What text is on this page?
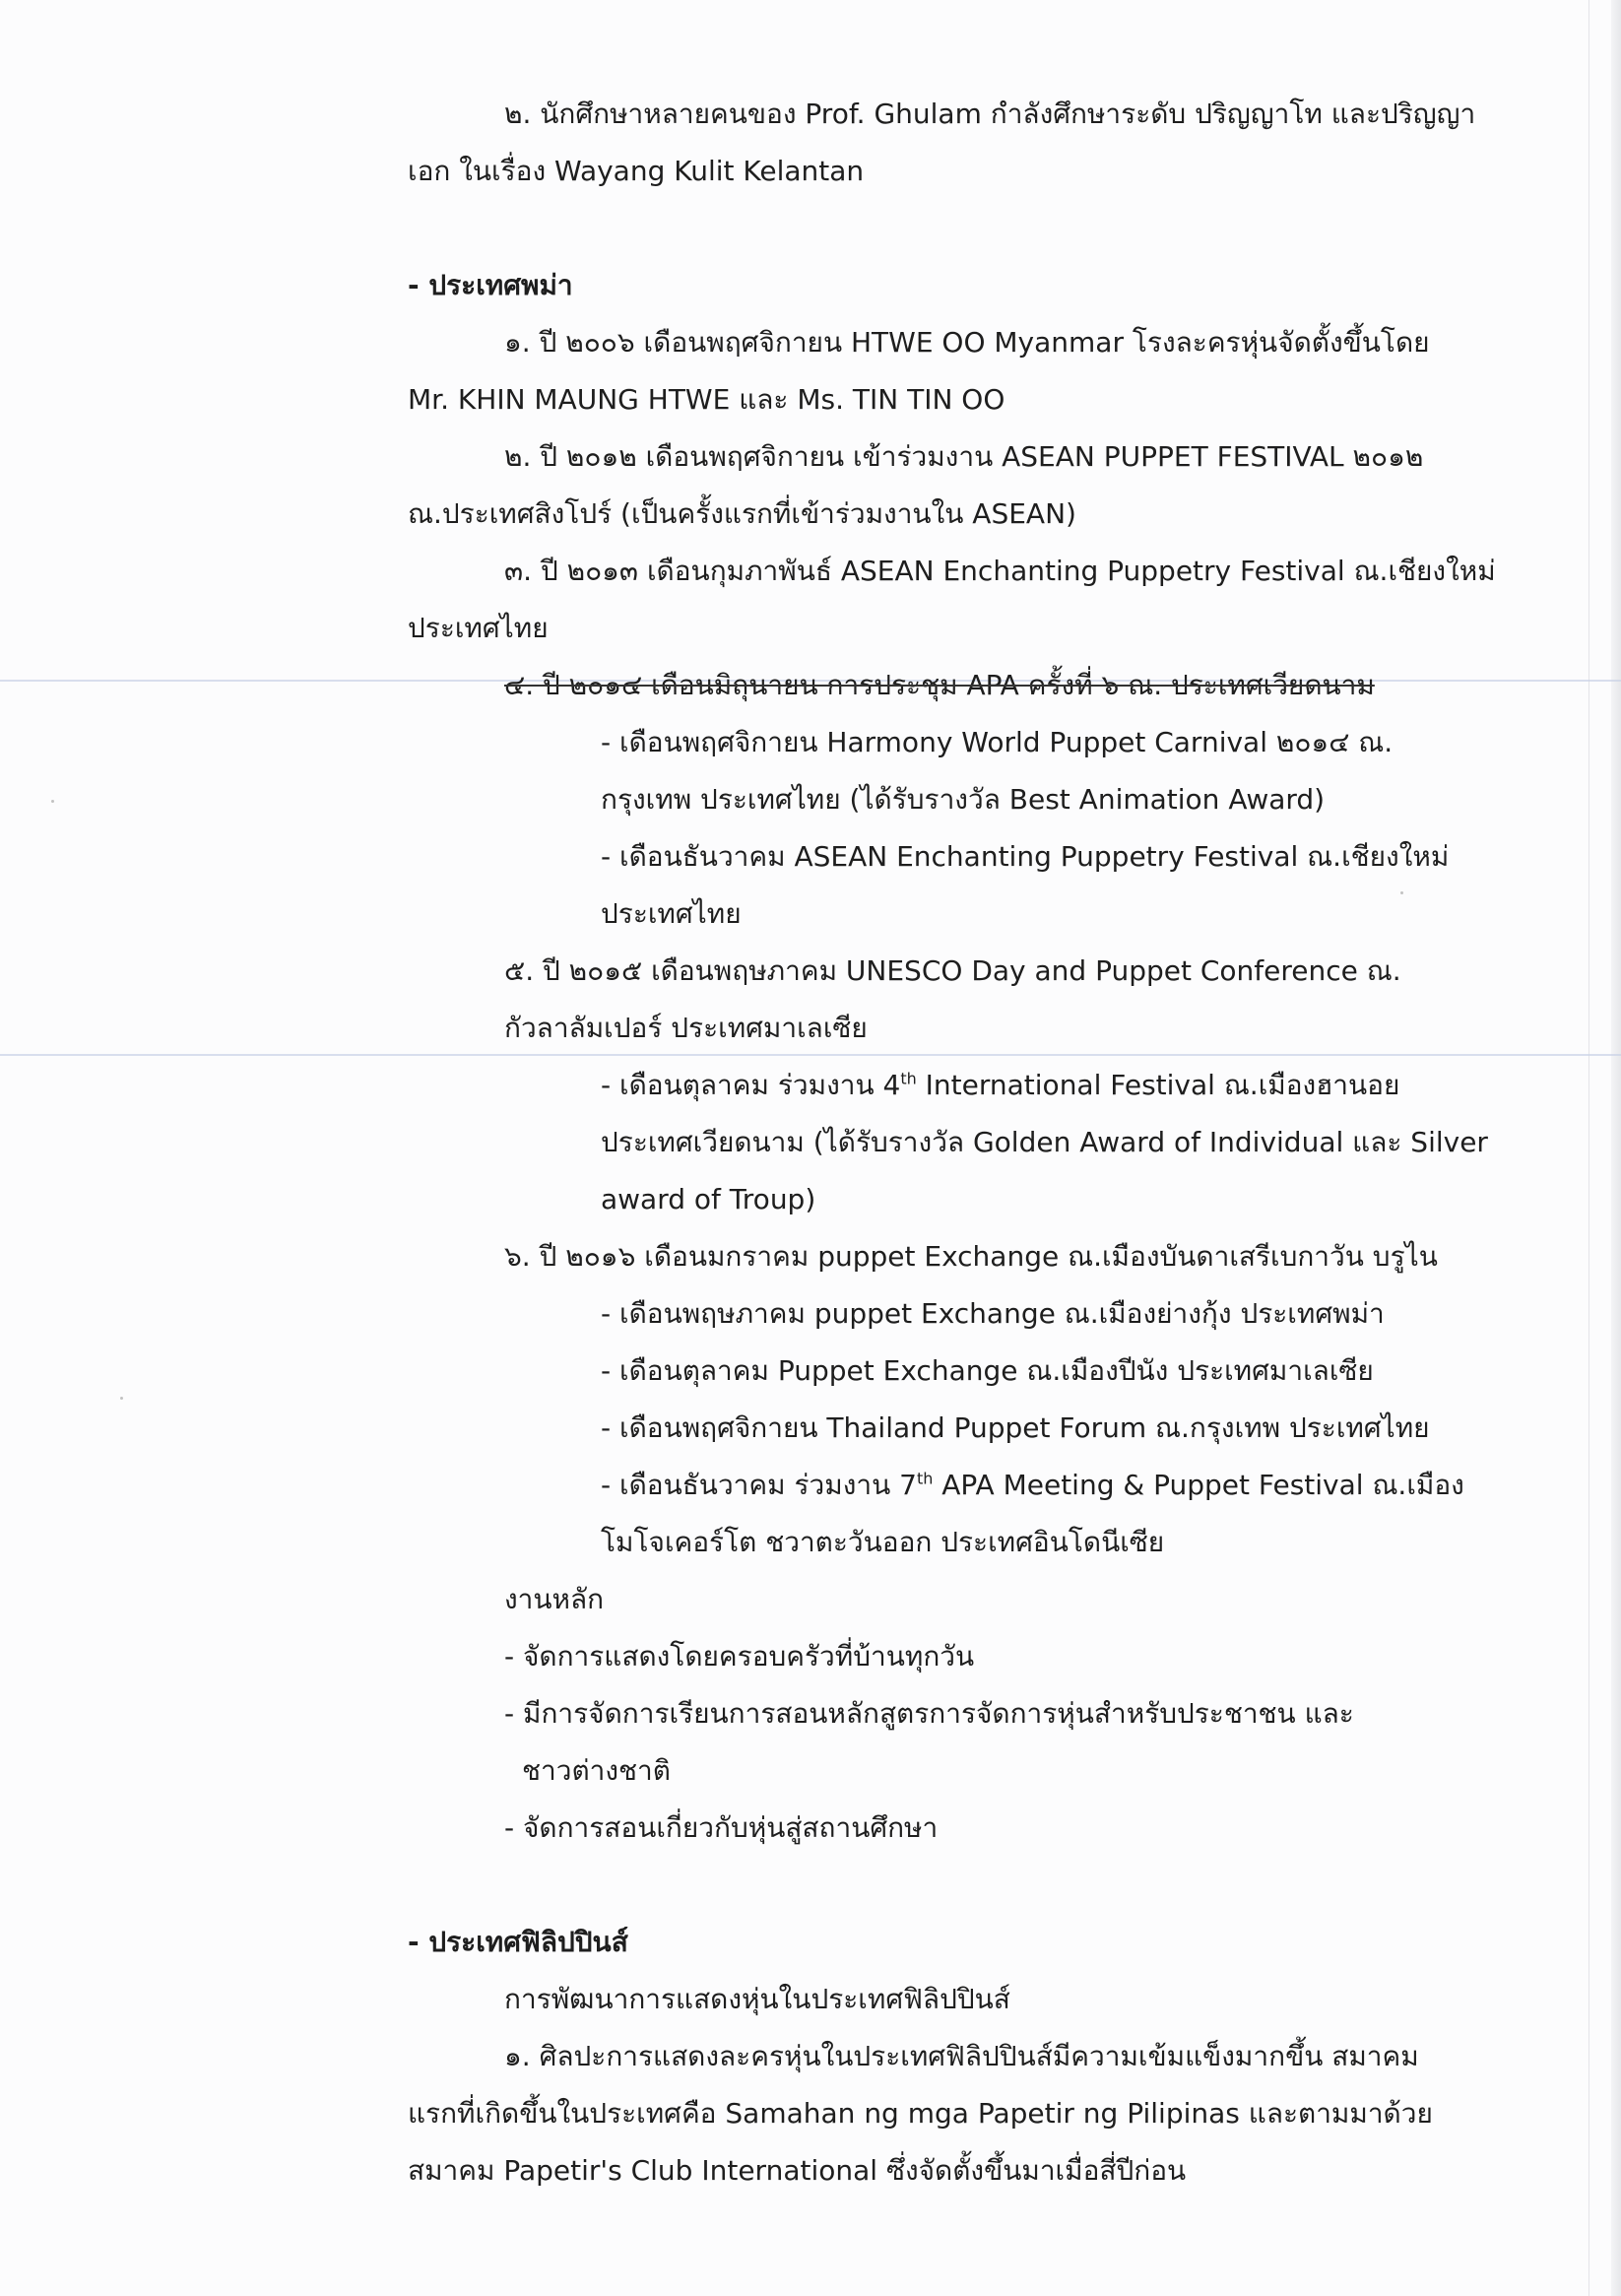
๒. นักศึกษาหลายคนของ Prof. Ghulam กำลังศึกษาระดับ ปริญญาโท และปริญญา
เอก ในเรื่อง Wayang Kulit Kelantan
- ประเทศพม่า
๑. ปี ๒๐๐๖ เดือนพฤศจิกายน HTWE OO Myanmar โรงละครหุ่นจัดตั้งขึ้นโดย
Mr. KHIN MAUNG HTWE และ Ms. TIN TIN OO
๒. ปี ๒๐๑๒ เดือนพฤศจิกายน เข้าร่วมงาน ASEAN PUPPET FESTIVAL ๒๐๑๒
ณ.ประเทศสิงโปร์ (เป็นครั้งแรกที่เข้าร่วมงานใน ASEAN)
๓. ปี ๒๐๑๓ เดือนกุมภาพันธ์ ASEAN Enchanting Puppetry Festival ณ.เชียงใหม่
ประเทศไทย
๔. ปี ๒๐๑๔ เดือนมิถุนายน การประชุม APA ครั้งที่ ๖ ณ. ประเทศเวียดนาม
- เดือนพฤศจิกายน Harmony World Puppet Carnival ๒๐๑๔ ณ.
กรุงเทพ ประเทศไทย (ได้รับรางวัล Best Animation Award)
- เดือนธันวาคม ASEAN Enchanting Puppetry Festival ณ.เชียงใหม่
ประเทศไทย
๕. ปี ๒๐๑๕ เดือนพฤษภาคม UNESCO Day and Puppet Conference ณ.
กัวลาลัมเปอร์ ประเทศมาเลเซีย
- เดือนตุลาคม ร่วมงาน 4th International Festival ณ.เมืองฮานอย
ประเทศเวียดนาม (ได้รับรางวัล Golden Award of Individual และ Silver
award of Troup)
๖. ปี ๒๐๑๖ เดือนมกราคม puppet Exchange ณ.เมืองบันดาเสรีเบกาวัน บรูไน
- เดือนพฤษภาคม puppet Exchange ณ.เมืองย่างกุ้ง ประเทศพม่า
- เดือนตุลาคม Puppet Exchange ณ.เมืองปีนัง ประเทศมาเลเซีย
- เดือนพฤศจิกายน Thailand Puppet Forum ณ.กรุงเทพ ประเทศไทย
- เดือนธันวาคม ร่วมงาน 7th APA Meeting & Puppet Festival ณ.เมือง
โมโจเคอร์โต ชวาตะวันออก ประเทศอินโดนีเซีย
งานหลัก
- จัดการแสดงโดยครอบครัวที่บ้านทุกวัน
- มีการจัดการเรียนการสอนหลักสูตรการจัดการหุ่นสำหรับประชาชน และ
ชาวต่างชาติ
- จัดการสอนเกี่ยวกับหุ่นสู่สถานศึกษา
- ประเทศฟิลิปปินส์
การพัฒนาการแสดงหุ่นในประเทศฟิลิปปินส์
๑. ศิลปะการแสดงละครหุ่นในประเทศฟิลิปปินส์มีความเข้มแข็งมากขึ้น สมาคม
แรกที่เกิดขึ้นในประเทศคือ Samahan ng mga Papetir ng Pilipinas และตามมาด้วย
สมาคม Papetir's Club International ซึ่งจัดตั้งขึ้นมาเมื่อสี่ปีก่อน
